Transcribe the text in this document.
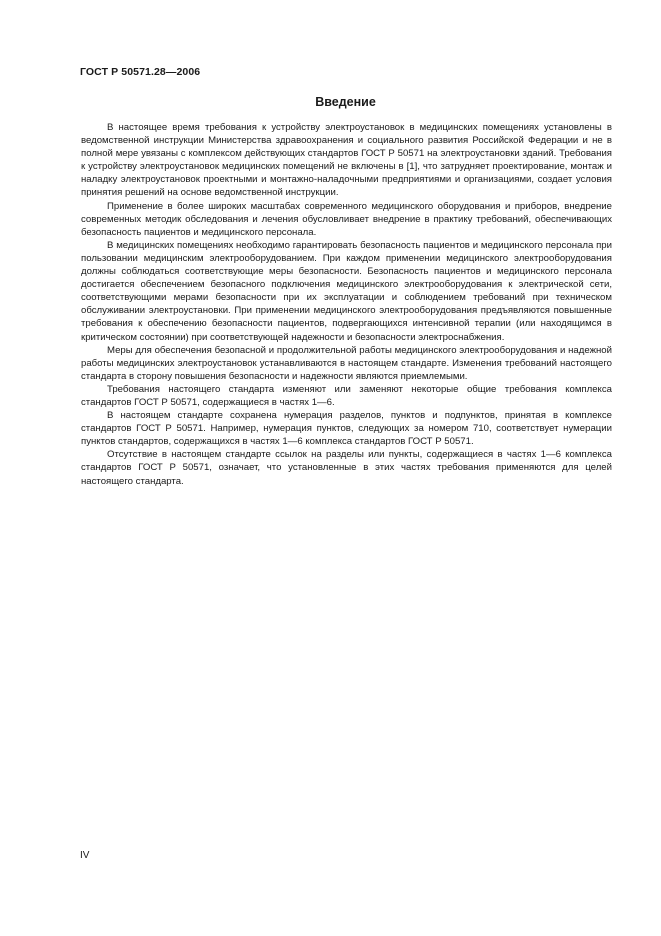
ГОСТ Р 50571.28—2006
Введение

В настоящее время требования к устройству электроустановок в медицинских помещениях установлены в ведомственной инструкции Министерства здравоохранения и социального развития Российской Федерации и не в полной мере увязаны с комплексом действующих стандартов ГОСТ Р 50571 на электроустановки зданий. Требования к устройству электроустановок медицинских помещений не включены в [1], что затрудняет проектирование, монтаж и наладку электроустановок проектными и монтажно-наладочными предприятиями и организациями, создает условия принятия решений на основе ведомственной инструкции.

Применение в более широких масштабах современного медицинского оборудования и приборов, внедрение современных методик обследования и лечения обусловливает внедрение в практику требований, обеспечивающих безопасность пациентов и медицинского персонала.

В медицинских помещениях необходимо гарантировать безопасность пациентов и медицинского персонала при пользовании медицинским электрооборудованием. При каждом применении медицинского электрооборудования должны соблюдаться соответствующие меры безопасности. Безопасность пациентов и медицинского персонала достигается обеспечением безопасного подключения медицинского электрооборудования к электрической сети, соответствующими мерами безопасности при их эксплуатации и соблюдением требований при техническом обслуживании электроустановки. При применении медицинского электрооборудования предъявляются повышенные требования к обеспечению безопасности пациентов, подвергающихся интенсивной терапии (или находящимся в критическом состоянии) при соответствующей надежности и безопасности электроснабжения.

Меры для обеспечения безопасной и продолжительной работы медицинского электрооборудования и надежной работы медицинских электроустановок устанавливаются в настоящем стандарте. Изменения требований настоящего стандарта в сторону повышения безопасности и надежности являются приемлемыми.

Требования настоящего стандарта изменяют или заменяют некоторые общие требования комплекса стандартов ГОСТ Р 50571, содержащиеся в частях 1—6.

В настоящем стандарте сохранена нумерация разделов, пунктов и подпунктов, принятая в комплексе стандартов ГОСТ Р 50571. Например, нумерация пунктов, следующих за номером 710, соответствует нумерации пунктов стандартов, содержащихся в частях 1—6 комплекса стандартов ГОСТ Р 50571.

Отсутствие в настоящем стандарте ссылок на разделы или пункты, содержащиеся в частях 1—6 комплекса стандартов ГОСТ Р 50571, означает, что установленные в этих частях требования применяются для целей настоящего стандарта.

IV
